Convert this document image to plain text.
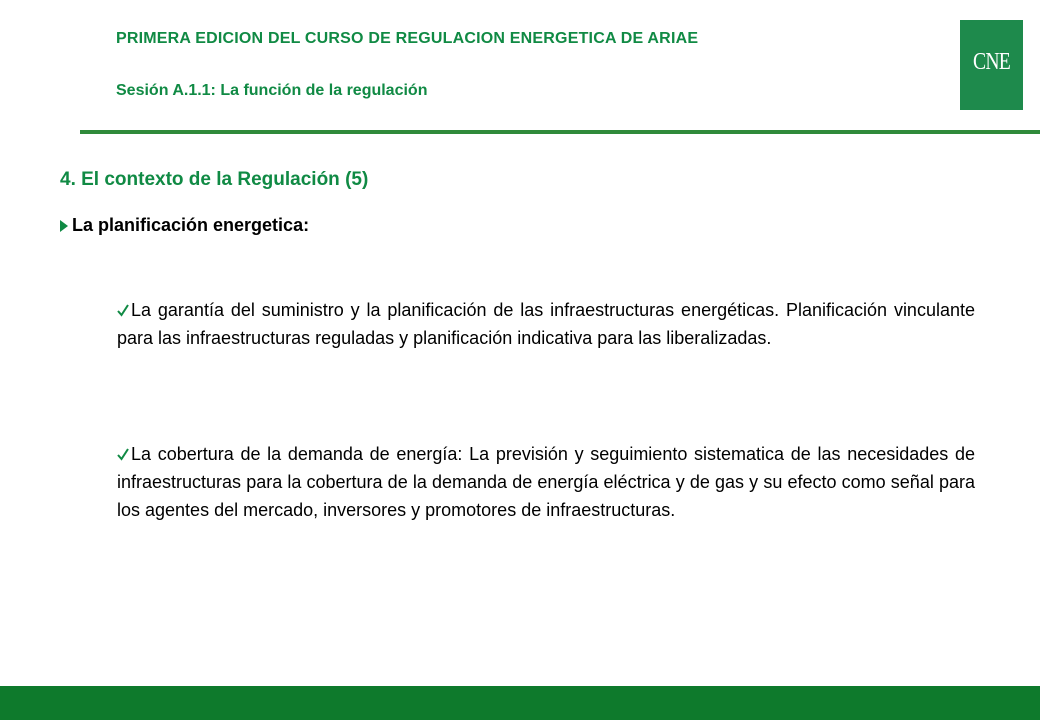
PRIMERA EDICION DEL CURSO DE REGULACION ENERGETICA DE ARIAE
Sesión A.1.1: La función de la regulación
CNE
4. El contexto de la Regulación (5)
La planificación energetica:
La garantía del suministro y la planificación de las infraestructuras energéticas. Planificación vinculante para las infraestructuras reguladas y planificación indicativa para las liberalizadas.
La cobertura de la demanda de energía: La previsión y seguimiento sistematica de las necesidades de infraestructuras para la cobertura de la demanda de energía eléctrica y de gas y su efecto como señal para los agentes del mercado, inversores y promotores de infraestructuras.
